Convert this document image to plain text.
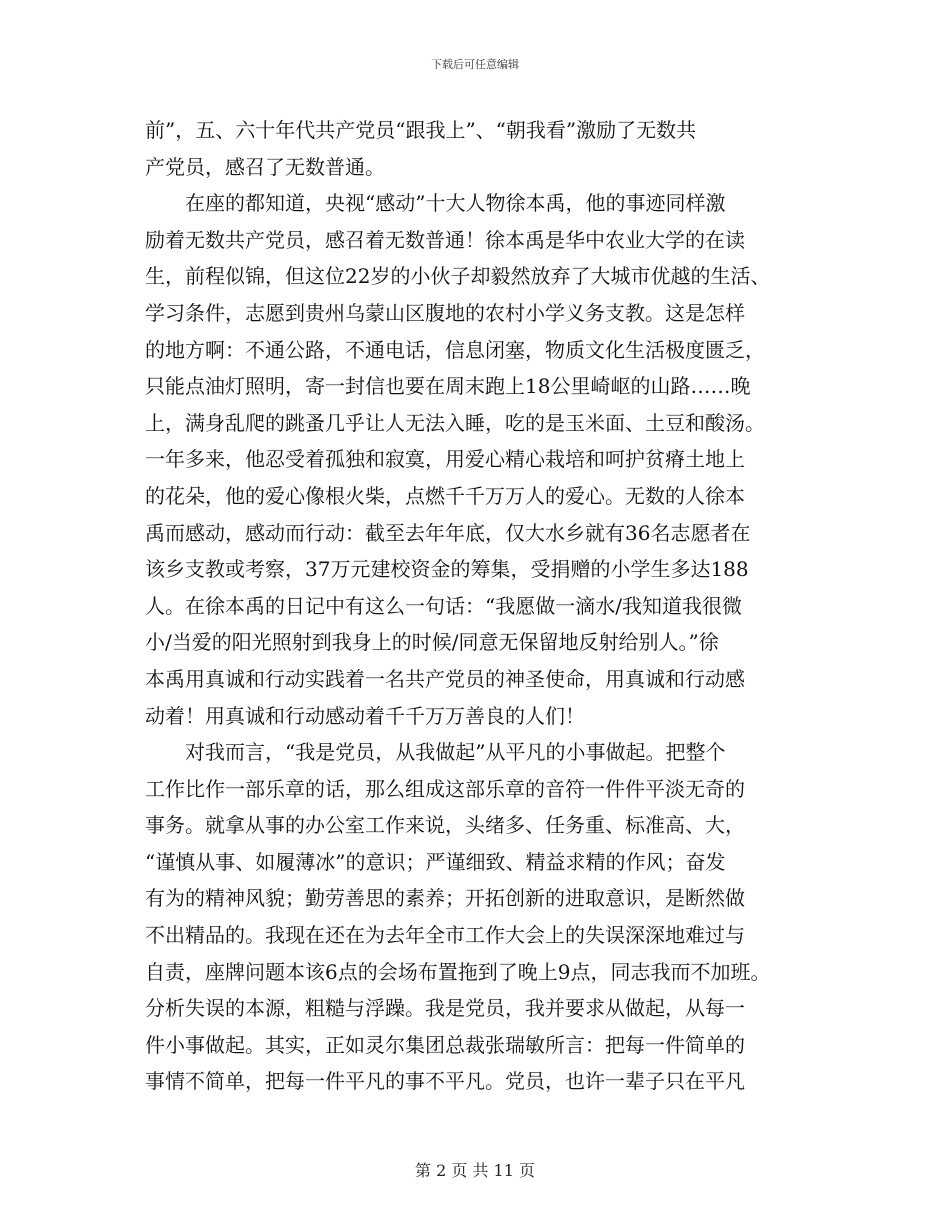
下载后可任意编辑
前”，五、六十年代共产党员“跟我上”、“朝我看”激励了无数共
产党员，感召了无数普通。
在座的都知道，央视“感动”十大人物徐本禹，他的事迹同样激
励着无数共产党员，感召着无数普通！徐本禹是华中农业大学的在读
生，前程似锦，但这位22岁的小伙子却毅然放弃了大城市优越的生活、
学习条件，志愿到贵州乌蒙山区腹地的农村小学义务支教。这是怎样
的地方啊：不通公路，不通电话，信息闭塞，物质文化生活极度匮乏，
只能点油灯照明，寄一封信也要在周末跑上18公里崎岖的山路……晚
上，满身乱爬的跳蚤几乎让人无法入睡，吃的是玉米面、土豆和酸汤。
一年多来，他忍受着孤独和寂寞，用爱心精心栽培和呵护贫瘠土地上
的花朵，他的爱心像根火柴，点燃千千万万人的爱心。无数的人徐本
禹而感动，感动而行动：截至去年年底，仅大水乡就有36名志愿者在
该乡支教或考察，37万元建校资金的筹集，受捐赠的小学生多达188
人。在徐本禹的日记中有这么一句话：“我愿做一滴水/我知道我很微
小/当爱的阳光照射到我身上的时候/同意无保留地反射给别人。”徐
本禹用真诚和行动实践着一名共产党员的神圣使命，用真诚和行动感
动着！用真诚和行动感动着千千万万善良的人们！
对我而言，“我是党员，从我做起”从平凡的小事做起。把整个
工作比作一部乐章的话，那么组成这部乐章的音符一件件平淡无奇的
事务。就拿从事的办公室工作来说，头绪多、任务重、标准高、大，
“谨慎从事、如履薄冰”的意识；严谨细致、精益求精的作风；奋发
有为的精神风貌；勤劳善思的素养；开拓创新的进取意识，是断然做
不出精品的。我现在还在为去年全市工作大会上的失误深深地难过与
自责，座牌问题本该6点的会场布置拖到了晚上9点，同志我而不加班。
分析失误的本源，粗糙与浮躁。我是党员，我并要求从做起，从每一
件小事做起。其实，正如灵尔集团总裁张瑞敏所言：把每一件简单的
事情不简单，把每一件平凡的事不平凡。党员，也许一辈子只在平凡
第 2 页 共 11 页
